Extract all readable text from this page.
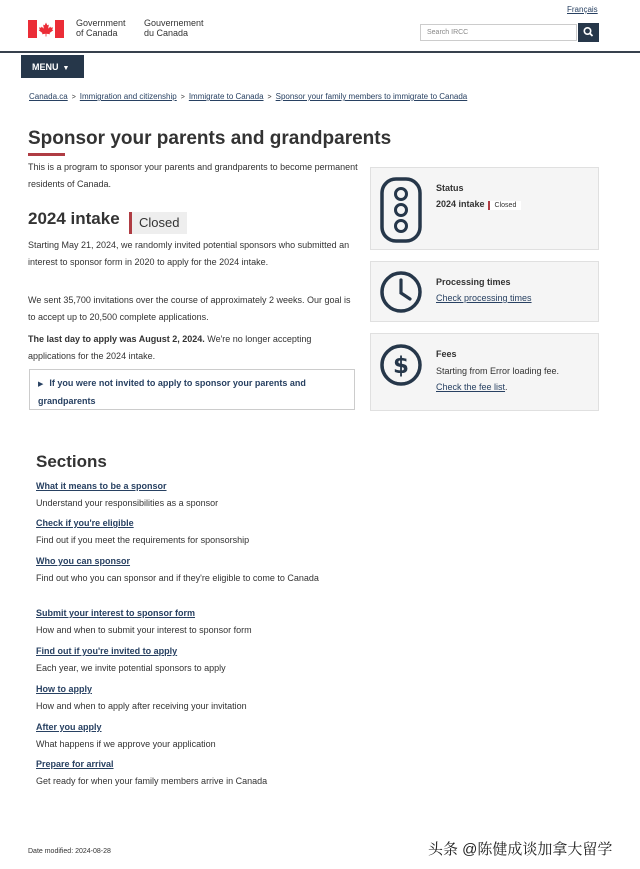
Français
Government
of Canada
Gouvernement
du Canada	Search IRCC
MENU ▼
Canada.ca > Immigration and citizenship > Immigrate to Canada > Sponsor your family members to immigrate to Canada
Sponsor your parents and grandparents

This is a program to sponsor your parents and grandparents to become permanent residents of Canada.

2024 intake	Closed

Starting May 21, 2024, we randomly invited potential sponsors who submitted an interest to sponsor form in 2020 to apply for the 2024 intake.

We sent 35,700 invitations over the course of approximately 2 weeks. Our goal is to accept up to 20,500 complete applications.

The last day to apply was August 2, 2024. We're no longer accepting applications for the 2024 intake.

▶ If you were not invited to apply to sponsor your parents and grandparents
Status
2024 intake Closed
Processing times
Check processing times
$	Fees
Starting from Error loading fee.
Check the fee list.
Sections
What it means to be a sponsor
Understand your responsibilities as a sponsor
Check if you're eligible
Find out if you meet the requirements for sponsorship
Who you can sponsor
Find out who you can sponsor and if they're eligible to come to Canada
Submit your interest to sponsor form
How and when to submit your interest to sponsor form
Find out if you're invited to apply
Each year, we invite potential sponsors to apply
How to apply
How and when to apply after receiving your invitation
After you apply
What happens if we approve your application
Prepare for arrival
Get ready for when your family members arrive in Canada
Date modified: 2024-08-28	头条 @陈健成谈加拿大留学
